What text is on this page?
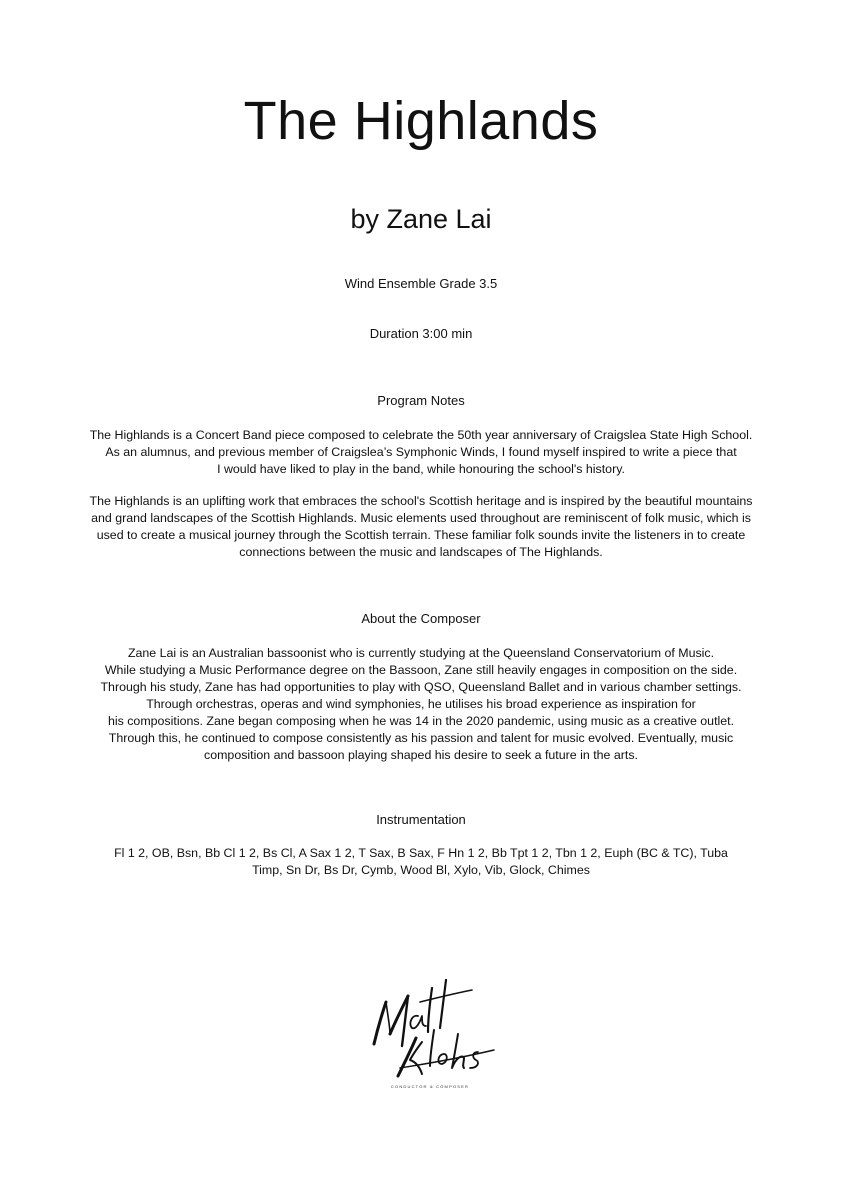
The Highlands
by Zane Lai
Wind Ensemble Grade 3.5
Duration 3:00 min
Program Notes
The Highlands is a Concert Band piece composed to celebrate the 50th year anniversary of Craigslea State High School.
As an alumnus, and previous member of Craigslea’s Symphonic Winds, I found myself inspired to write a piece that
I would have liked to play in the band, while honouring the school's history.
The Highlands is an uplifting work that embraces the school's Scottish heritage and is inspired by the beautiful mountains
and grand landscapes of the Scottish Highlands. Music elements used throughout are reminiscent of folk music, which is
used to create a musical journey through the Scottish terrain. These familiar folk sounds invite the listeners in to create
connections between the music and landscapes of The Highlands.
About the Composer
Zane Lai is an Australian bassoonist who is currently studying at the Queensland Conservatorium of Music.
While studying a Music Performance degree on the Bassoon, Zane still heavily engages in composition on the side.
Through his study, Zane has had opportunities to play with QSO, Queensland Ballet and in various chamber settings.
Through orchestras, operas and wind symphonies, he utilises his broad experience as inspiration for
his compositions. Zane began composing when he was 14 in the 2020 pandemic, using music as a creative outlet.
Through this, he continued to compose consistently as his passion and talent for music evolved. Eventually, music
composition and bassoon playing shaped his desire to seek a future in the arts.
Instrumentation
Fl 1 2, OB, Bsn, Bb Cl 1 2, Bs Cl, A Sax 1 2, T Sax, B Sax, F Hn 1 2, Bb Tpt 1 2, Tbn 1 2, Euph (BC & TC), Tuba
Timp, Sn Dr, Bs Dr, Cymb, Wood Bl, Xylo, Vib, Glock, Chimes
CONDUCTOR & COMPOSER
